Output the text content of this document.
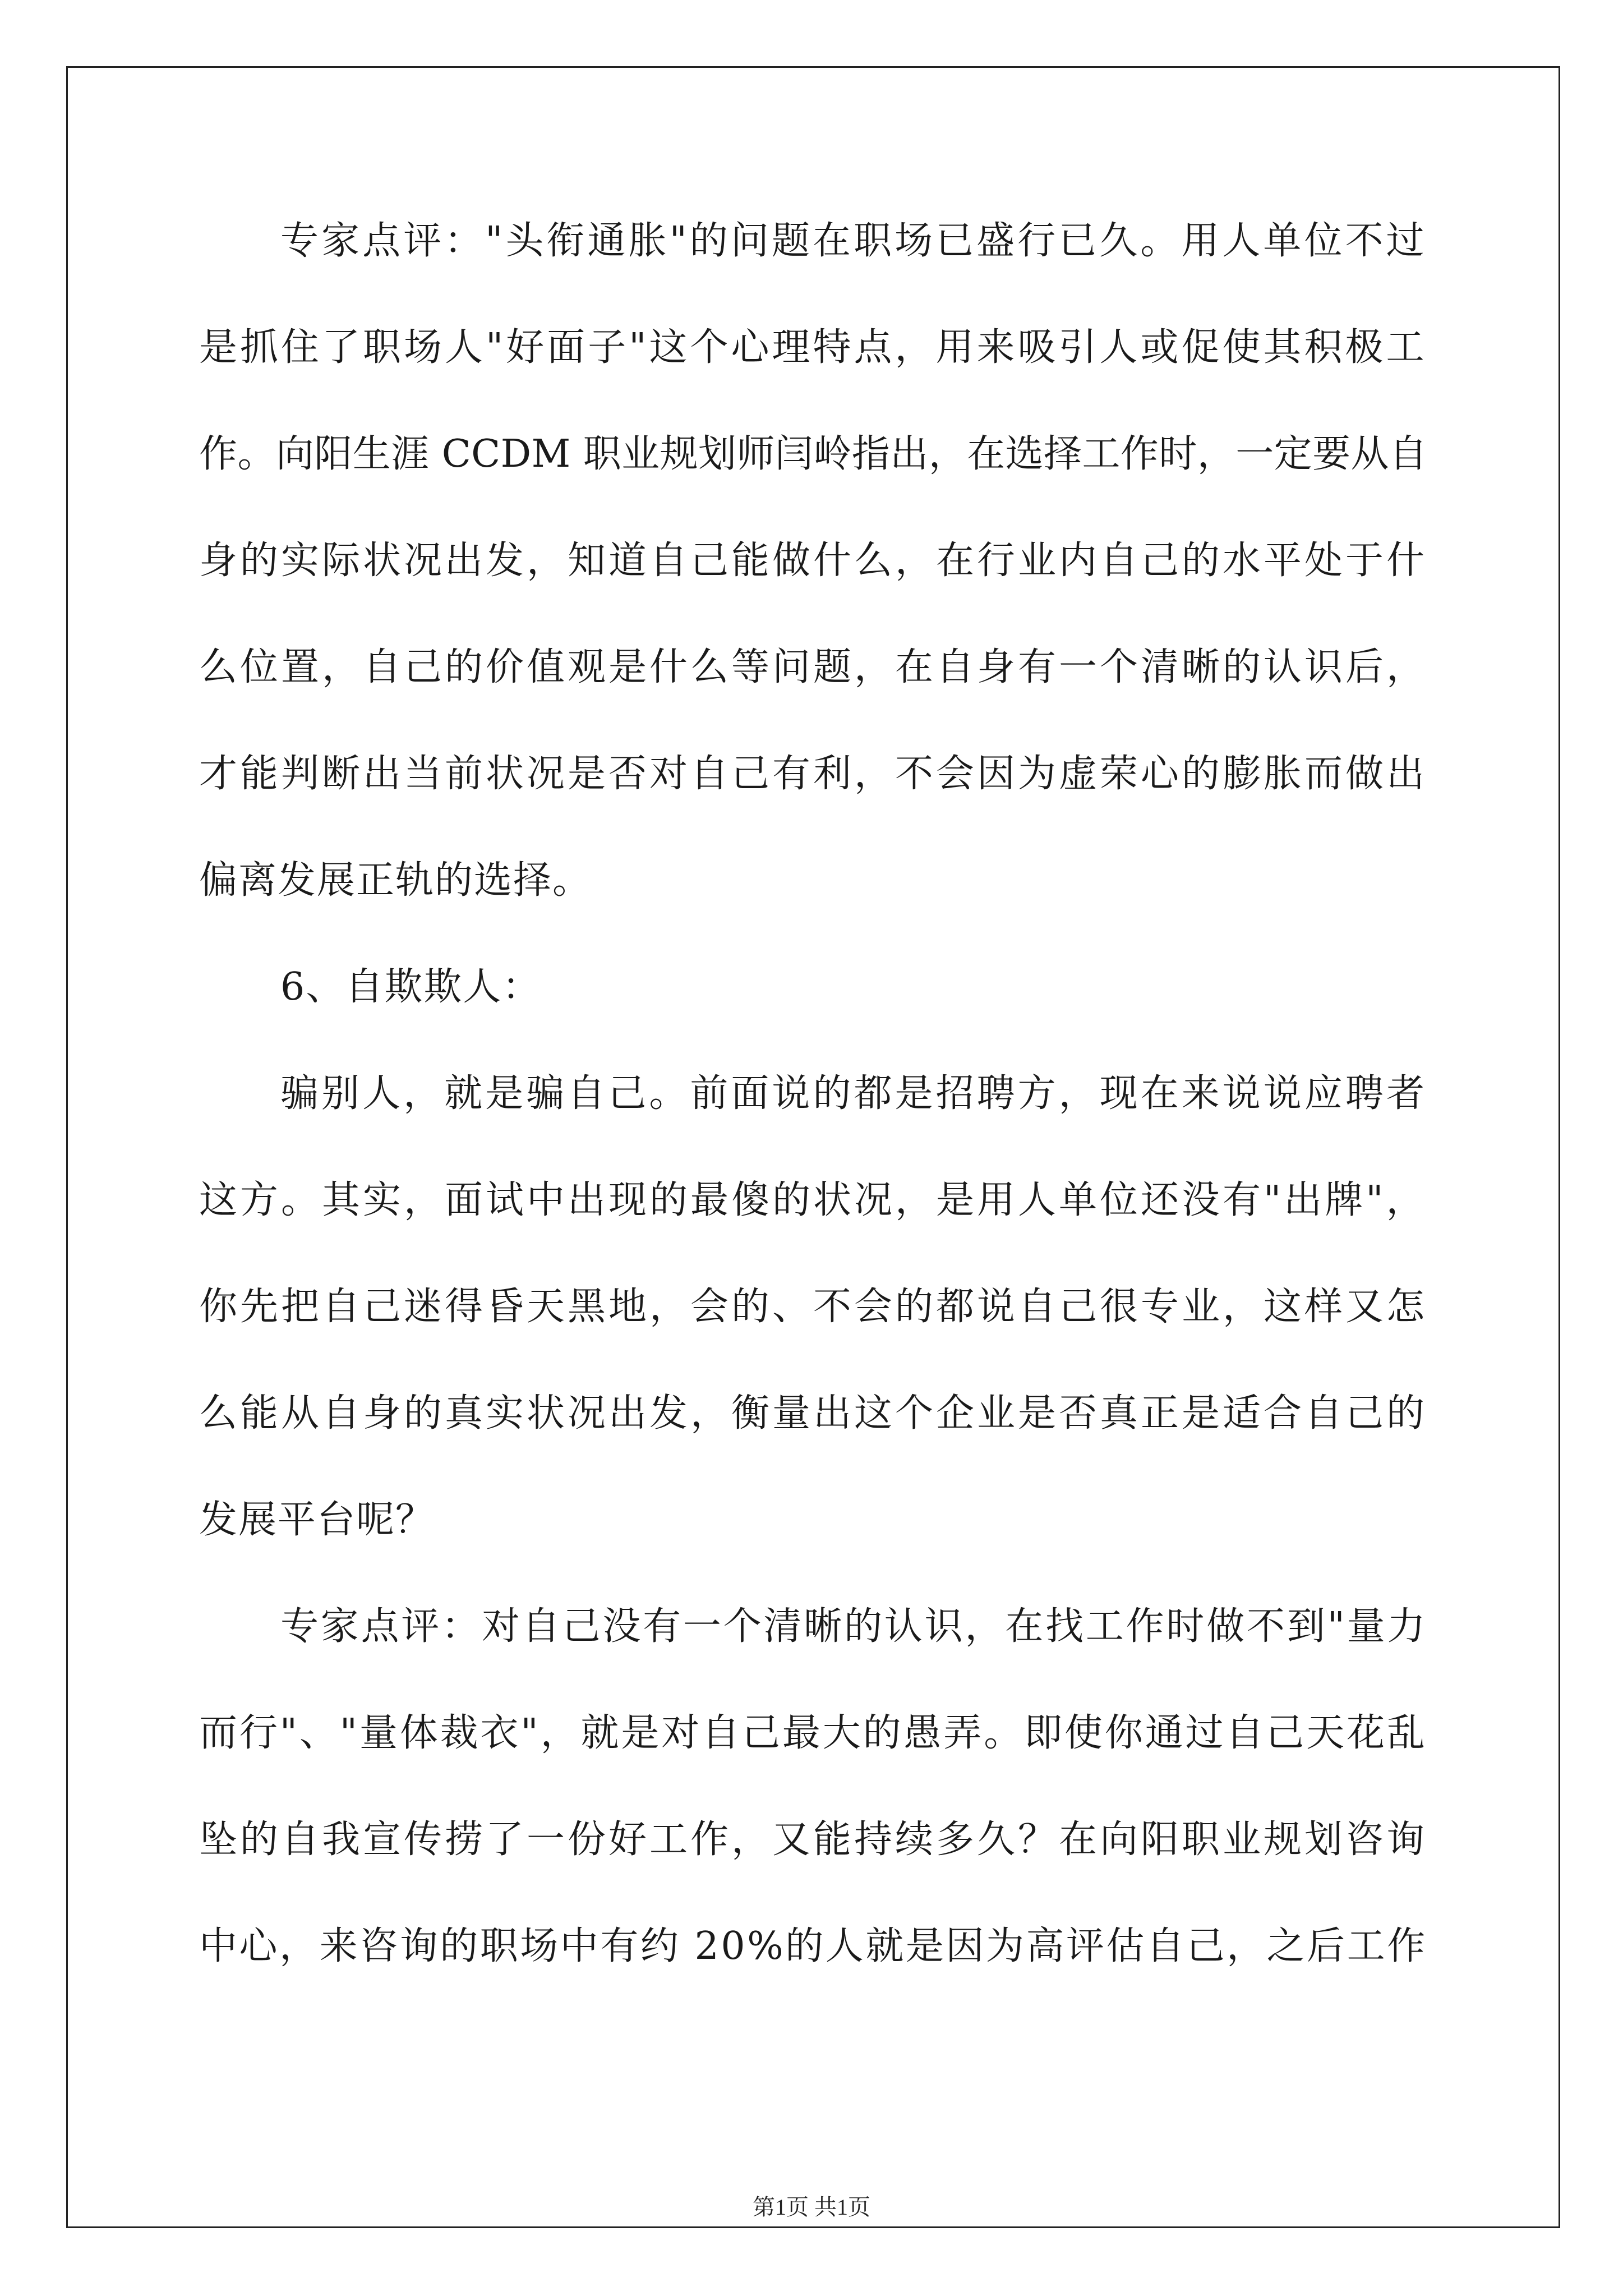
专家点评："头衔通胀"的问题在职场已盛行已久。用人单位不过
是抓住了职场人"好面子"这个心理特点，用来吸引人或促使其积极工
作。向阳生涯 CCDM 职业规划师闫岭指出，在选择工作时，一定要从自
身的实际状况出发，知道自己能做什么，在行业内自己的水平处于什
么位置，自己的价值观是什么等问题，在自身有一个清晰的认识后，
才能判断出当前状况是否对自己有利，不会因为虚荣心的膨胀而做出
偏离发展正轨的选择。
6、自欺欺人：
骗别人，就是骗自己。前面说的都是招聘方，现在来说说应聘者
这方。其实，面试中出现的最傻的状况，是用人单位还没有"出牌"，
你先把自己迷得昏天黑地，会的、不会的都说自己很专业，这样又怎
么能从自身的真实状况出发，衡量出这个企业是否真正是适合自己的
发展平台呢？
专家点评：对自己没有一个清晰的认识，在找工作时做不到"量力
而行"、"量体裁衣"，就是对自己最大的愚弄。即使你通过自己天花乱
坠的自我宣传捞了一份好工作，又能持续多久？在向阳职业规划咨询
中心，来咨询的职场中有约 20%的人就是因为高评估自己，之后工作
第1页 共1页
